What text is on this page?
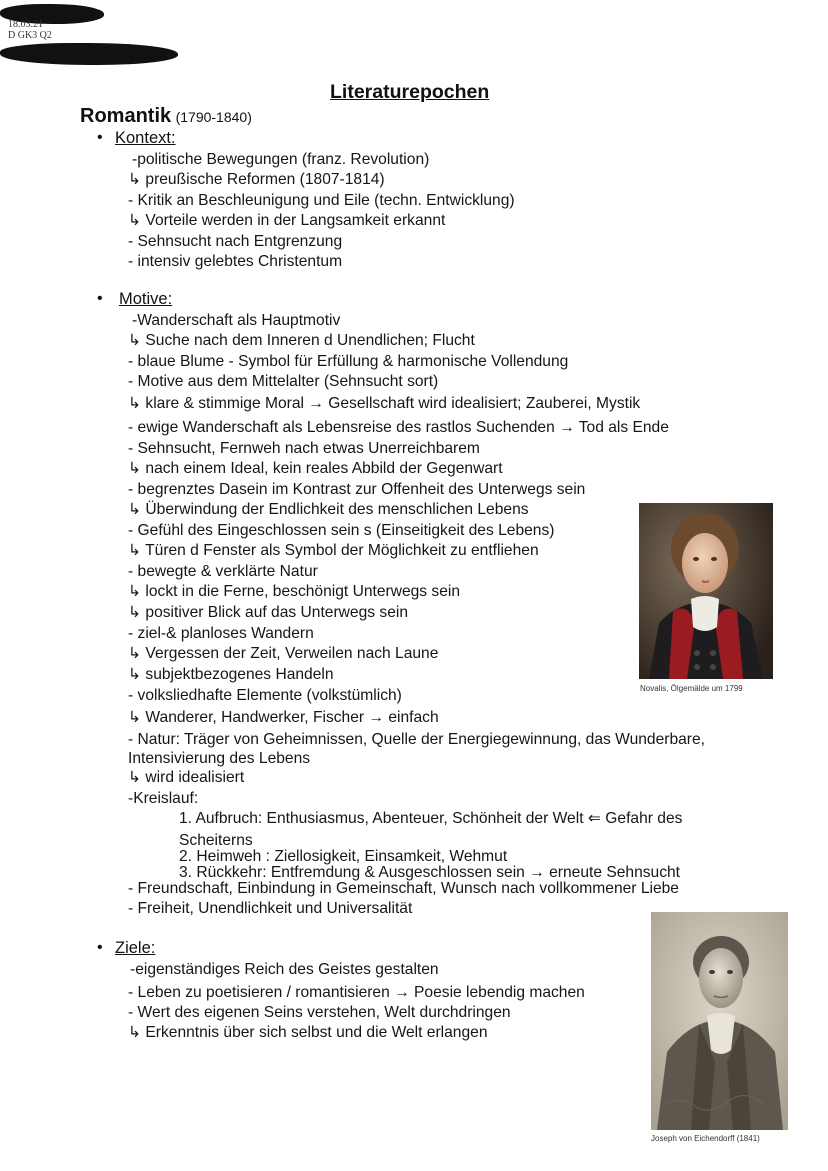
18.03.21
D GK3 Q2
Literaturepochen
Romantik (1790-1840)
• Kontext:
-politische Bewegungen (franz. Revolution)
↳ preußische Reformen (1807-1814)
- Kritik an Beschleunigung und Eile (techn. Entwicklung)
↳ Vorteile werden in der Langsamkeit erkannt
- Sehnsucht nach Entgrenzung
- intensiv gelebtes Christentum
• Motive:
-Wanderschaft als Hauptmotiv
↳ Suche nach dem Inneren d Unendlichen; Flucht
- blaue Blume - Symbol für Erfüllung & harmonische Vollendung
- Motive aus dem Mittelalter (Sehnsucht sort)
↳ klare & stimmige Moral → Gesellschaft wird idealisiert; Zauberei, Mystik
- ewige Wanderschaft als Lebensreise des rastlos Suchenden → Tod als Ende
- Sehnsucht, Fernweh nach etwas Unerreichbarem
↳ nach einem Ideal, kein reales Abbild der Gegenwart
- begrenztes Dasein im Kontrast zur Offenheit des Unterwegs sein
↳ Überwindung der Endlichkeit des menschlichen Lebens
- Gefühl des Eingeschlossen sein s (Einseitigkeit des Lebens)
↳ Türen d Fenster als Symbol der Möglichkeit zu entfliehen
- bewegte & verklärte Natur
↳ lockt in die Ferne, beschönigt Unterwegs sein
↳ positiver Blick auf das Unterwegs sein
- ziel-& planloses Wandern
↳ Vergessen der Zeit, Verweilen nach Laune
↳ subjektbezogenes Handeln
- volksliedhafte Elemente (volkstümlich)
↳ Wanderer, Handwerker, Fischer → einfach
- Natur: Träger von Geheimnissen, Quelle der Energiegewinnung, das Wunderbare,
Intensivierung des Lebens
↳ wird idealisiert
-Kreislauf:
1. Aufbruch: Enthusiasmus, Abenteuer, Schönheit der Welt ⇐ Gefahr des
Scheiterns
2. Heimweh : Ziellosigkeit, Einsamkeit, Wehmut
3. Rückkehr: Entfremdung & Ausgeschlossen sein → erneute Sehnsucht
- Freundschaft, Einbindung in Gemeinschaft, Wunsch nach vollkommener Liebe
- Freiheit, Unendlichkeit und Universalität
• Ziele:
-eigenständiges Reich des Geistes gestalten
- Leben zu poetisieren / romantisieren → Poesie lebendig machen
- Wert des eigenen Seins verstehen, Welt durchdringen
↳ Erkenntnis über sich selbst und die Welt erlangen
Novalis, Ölgemälde um 1799
Joseph von Eichendorff (1841)
